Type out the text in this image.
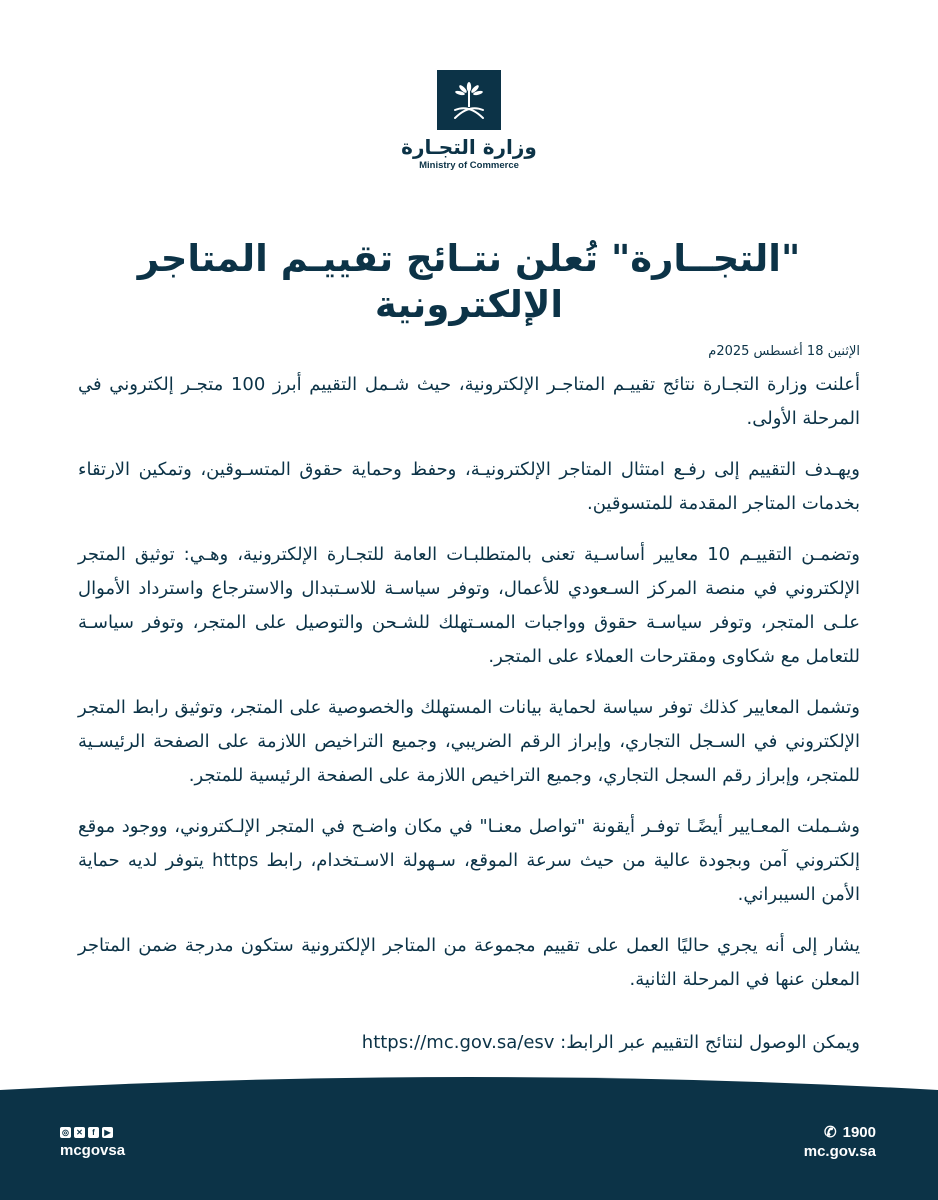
وزارة التجـارة
Ministry of Commerce
"التجــارة" تُعلن نتـائج تقييـم المتاجر الإلكترونية
الإثنين 18 أغسطس 2025م

أعلنت وزارة التجـارة نتائج تقييـم المتاجـر الإلكترونية، حيث شـمل التقييم أبرز 100 متجـر إلكتروني في المرحلة الأولى.

ويهـدف التقييم إلى رفـع امتثال المتاجر الإلكترونيـة، وحفظ وحماية حقوق المتسـوقين، وتمكين الارتقاء بخدمات المتاجر المقدمة للمتسوقين.

وتضمـن التقييـم 10 معايير أساسـية تعنى بالمتطلبـات العامة للتجـارة الإلكترونية، وهـي: توثيق المتجر الإلكتروني في منصة المركز السـعودي للأعمال، وتوفر سياسـة للاسـتبدال والاسترجاع واسترداد الأموال علـى المتجر، وتوفر سياسـة حقوق وواجبات المسـتهلك للشـحن والتوصيل على المتجر، وتوفر سياسـة للتعامل مع شكاوى ومقترحات العملاء على المتجر.

وتشمل المعايير كذلك توفر سياسة لحماية بيانات المستهلك والخصوصية على المتجر، وتوثيق رابط المتجر الإلكتروني في السـجل التجاري، وإبراز الرقم الضريبي، وجميع التراخيص اللازمة على الصفحة الرئيسـية للمتجر، وإبراز رقم السجل التجاري، وجميع التراخيص اللازمة على الصفحة الرئيسية للمتجر.

وشـملت المعـايير أيضًـا توفـر أيقونة "تواصل معنـا" في مكان واضـح في المتجر الإلـكتروني، ووجود موقع إلكتروني آمن وبجودة عالية من حيث سرعة الموقع، سـهولة الاسـتخدام، رابط https يتوفر لديه حماية الأمن السيبراني.

يشار إلى أنه يجري حاليًا العمل على تقييم مجموعة من المتاجر الإلكترونية ستكون مدرجة ضمن المتاجر المعلن عنها في المرحلة الثانية.

ويمكن الوصول لنتائج التقييم عبر الرابط: https://mc.gov.sa/esv
◎ ✕	f	▶
mcgovsa
✆ 1900
mc.gov.sa
